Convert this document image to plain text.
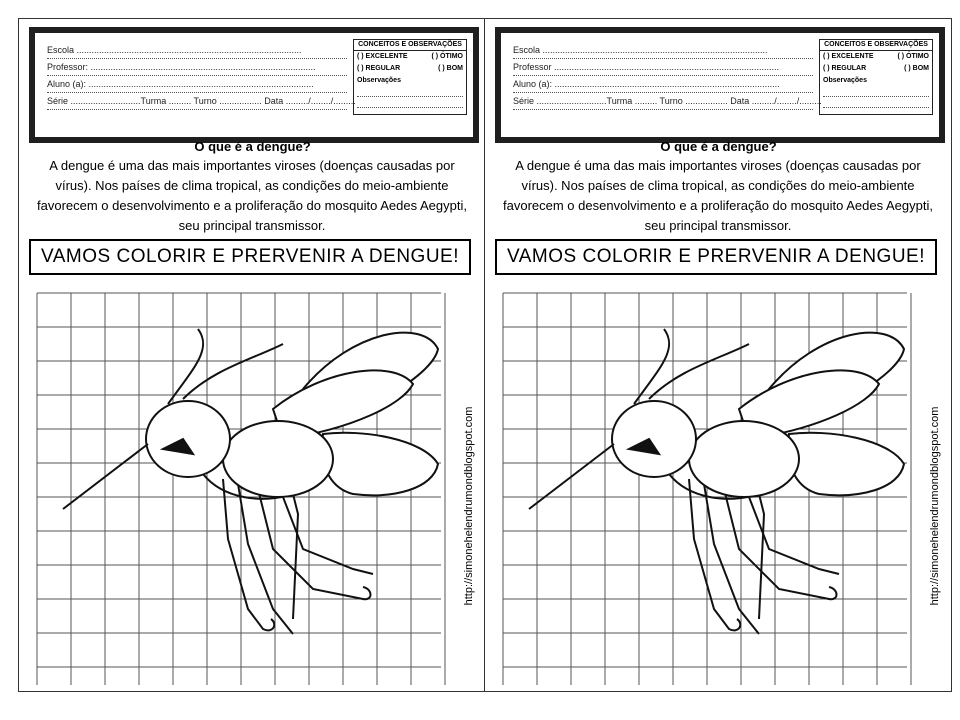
Escola ..........................................................................................
Professor: ..........................................................................................
Aluno (a): ..........................................................................................
Série ............................Turma ......... Turno ................. Data ........./......../.........
CONCEITOS E OBSERVAÇÕES
( ) EXCELENTE	( ) ÓTIMO
( ) REGULAR	( ) BOM
Observações
O que é a dengue?
A dengue é uma das mais importantes viroses (doenças causadas por vírus). Nos países de clima tropical, as condições do meio-ambiente favorecem o desenvolvimento e a proliferação do mosquito Aedes Aegypti, seu principal transmissor.
VAMOS COLORIR E PRERVENIR A DENGUE!
http://simonehelendrumondblogspot.com
Escola ..........................................................................................
Professor ..........................................................................................
Aluno (a): ..........................................................................................
Série ............................Turma ......... Turno ................. Data ........./......../.........
CONCEITOS E OBSERVAÇÕES
( ) EXCELENTE	( ) ÓTIMO
( ) REGULAR	( ) BOM
Observações
O que é a dengue?
A dengue é uma das mais importantes viroses (doenças causadas por vírus). Nos países de clima tropical, as condições do meio-ambiente favorecem o desenvolvimento e a proliferação do mosquito Aedes Aegypti, seu principal transmissor.
VAMOS COLORIR E PRERVENIR A DENGUE!
http://simonehelendrumondblogspot.com
